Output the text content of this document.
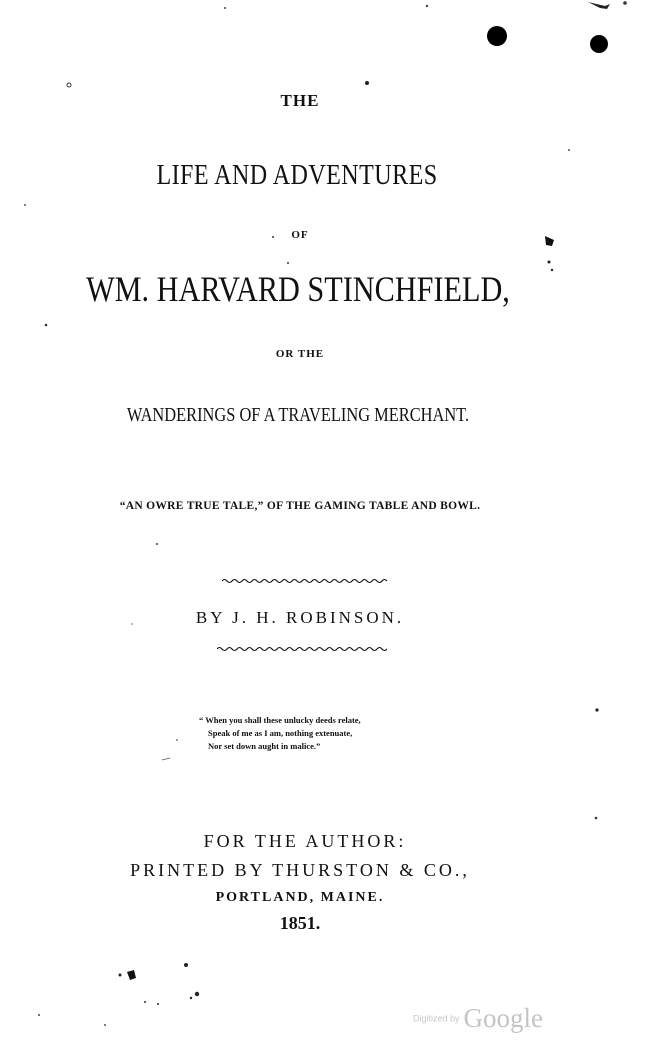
THE
LIFE AND ADVENTURES
OF
WM. HARVARD STINCHFIELD,
OR THE
WANDERINGS OF A TRAVELING MERCHANT.
“AN OWRE TRUE TALE,” OF THE GAMING TABLE AND BOWL.
BY J. H. ROBINSON.
“ When you shall these unlucky deeds relate,
Speak of me as I am, nothing extenuate,
Nor set down aught in malice.”
FOR THE AUTHOR:
PRINTED BY THURSTON & CO.,
PORTLAND, MAINE.
1851.
Digitized by Google
